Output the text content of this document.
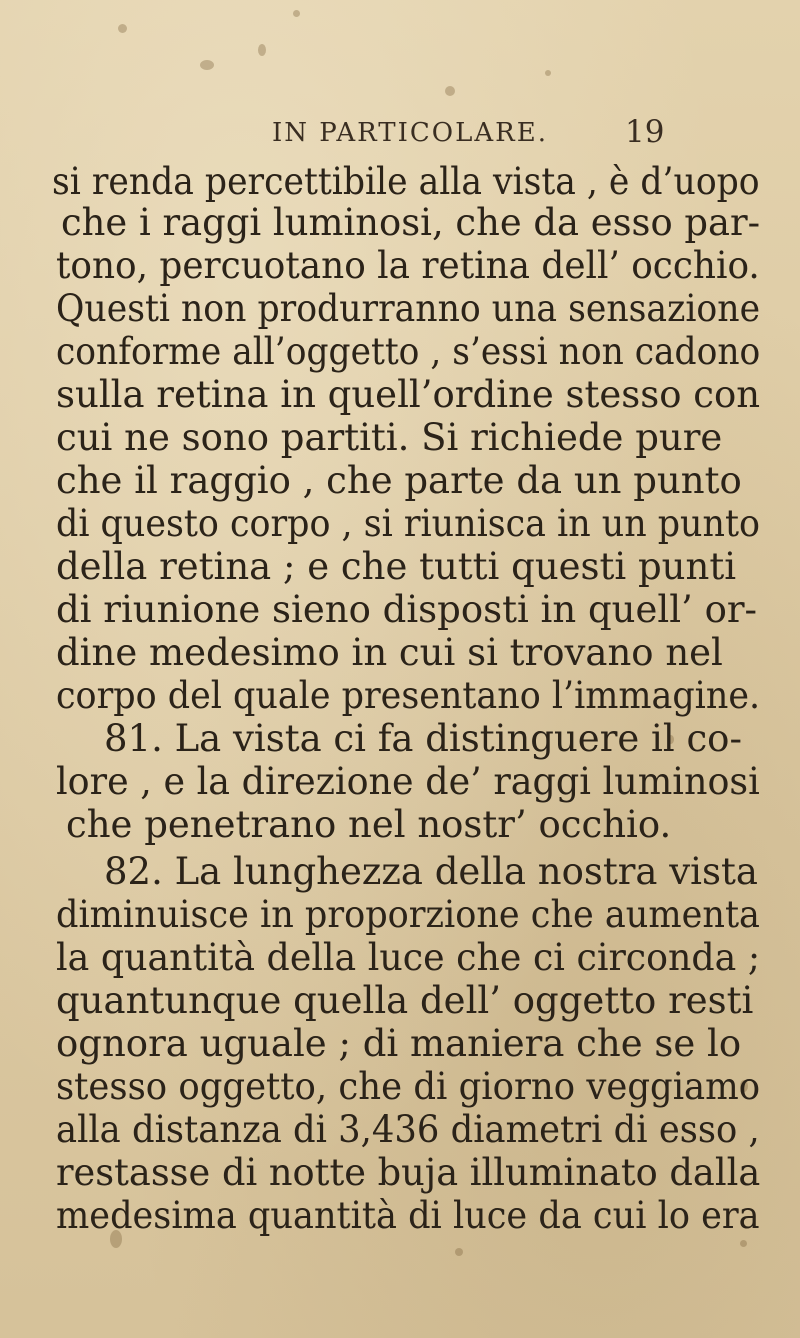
IN PARTICOLARE. 19
si renda percettibile alla vista , è d’uopo
che i raggi luminosi, che da esso par-
tono, percuotano la retina dell’ occhio.
Questi non produrranno una sensazione
conforme all’oggetto , s’essi non cadono
sulla retina in quell’ordine stesso con
cui ne sono partiti. Si richiede pure
che il raggio , che parte da un punto
di questo corpo , si riunisca in un punto
della retina ; e che tutti questi punti
di riunione sieno disposti in quell’ or-
dine medesimo in cui si trovano nel
corpo del quale presentano l’immagine.
81. La vista ci fa distinguere il co-
lore , e la direzione de’ raggi luminosi
che penetrano nel nostr’ occhio.
82. La lunghezza della nostra vista
diminuisce in proporzione che aumenta
la quantità della luce che ci circonda ;
quantunque quella dell’ oggetto resti
ognora uguale ; di maniera che se lo
stesso oggetto, che di giorno veggiamo
alla distanza di 3,436 diametri di esso ,
restasse di notte buja illuminato dalla
medesima quantità di luce da cui lo era
